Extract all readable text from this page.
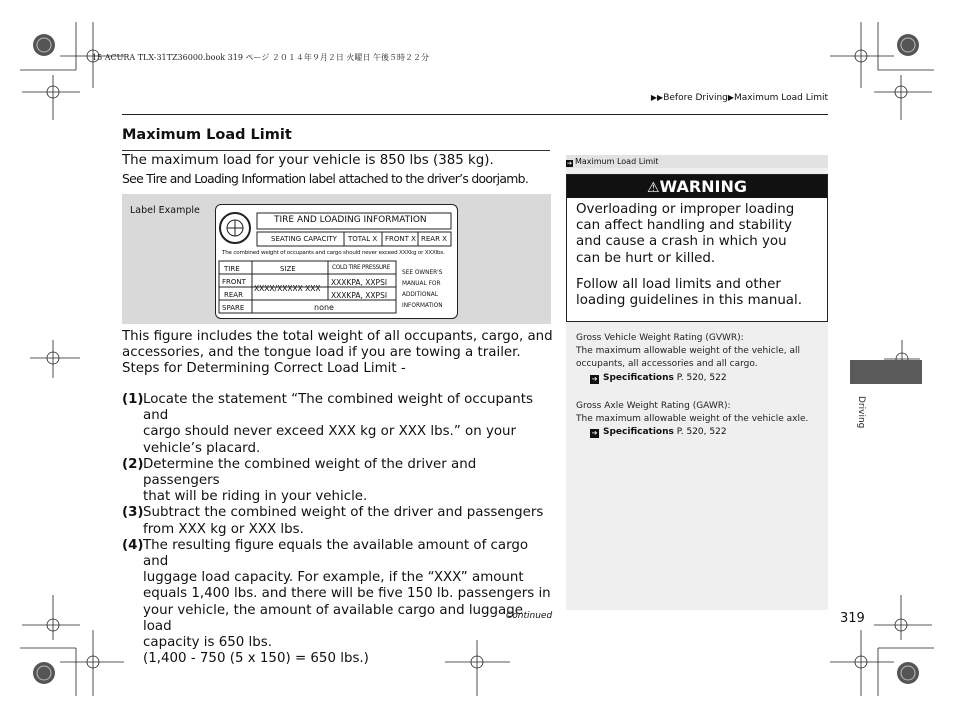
15 ACURA TLX-31TZ36000.book 319 ページ ２０１４年９月２日 火曜日 午後５時２２分
▶▶Before Driving▶Maximum Load Limit
Maximum Load Limit
The maximum load for your vehicle is 850 lbs (385 kg).
See Tire and Loading Information label attached to the driver’s doorjamb.
Label Example
TIRE AND LOADING INFORMATION
SEATING CAPACITY TOTAL X FRONT X REAR X
The combined weight of occupants and cargo should never exceed XXXkg or XXXlbs.
TIRE	SIZE	COLD TIRE PRESSURE
FRONT
REAR
SPARE
XXXX/XXXXX XXX
XXXKPA, XXPSI
XXXKPA, XXPSI
none
SEE OWNER'S
MANUAL FOR
ADDITIONAL
INFORMATION
This figure includes the total weight of all occupants, cargo, and
accessories, and the tongue load if you are towing a trailer.
Steps for Determining Correct Load Limit -
(1) Locate the statement “The combined weight of occupants and
cargo should never exceed XXX kg or XXX lbs.” on your
vehicle’s placard.
(2) Determine the combined weight of the driver and passengers
that will be riding in your vehicle.
(3) Subtract the combined weight of the driver and passengers
from XXX kg or XXX lbs.
(4) The resulting figure equals the available amount of cargo and
luggage load capacity. For example, if the “XXX” amount
equals 1,400 lbs. and there will be five 150 lb. passengers in
your vehicle, the amount of available cargo and luggage load
capacity is 650 lbs.
(1,400 - 750 (5 x 150) = 650 lbs.)
Continued
➔ Maximum Load Limit
⚠WARNING
Overloading or improper loading
can affect handling and stability
and cause a crash in which you
can be hurt or killed.
Follow all load limits and other
loading guidelines in this manual.
Gross Vehicle Weight Rating (GVWR):
The maximum allowable weight of the vehicle, all
occupants, all accessories and all cargo.
➔ Specifications P. 520, 522
Gross Axle Weight Rating (GAWR):
The maximum allowable weight of the vehicle axle.
➔ Specifications P. 520, 522
Driving
319
